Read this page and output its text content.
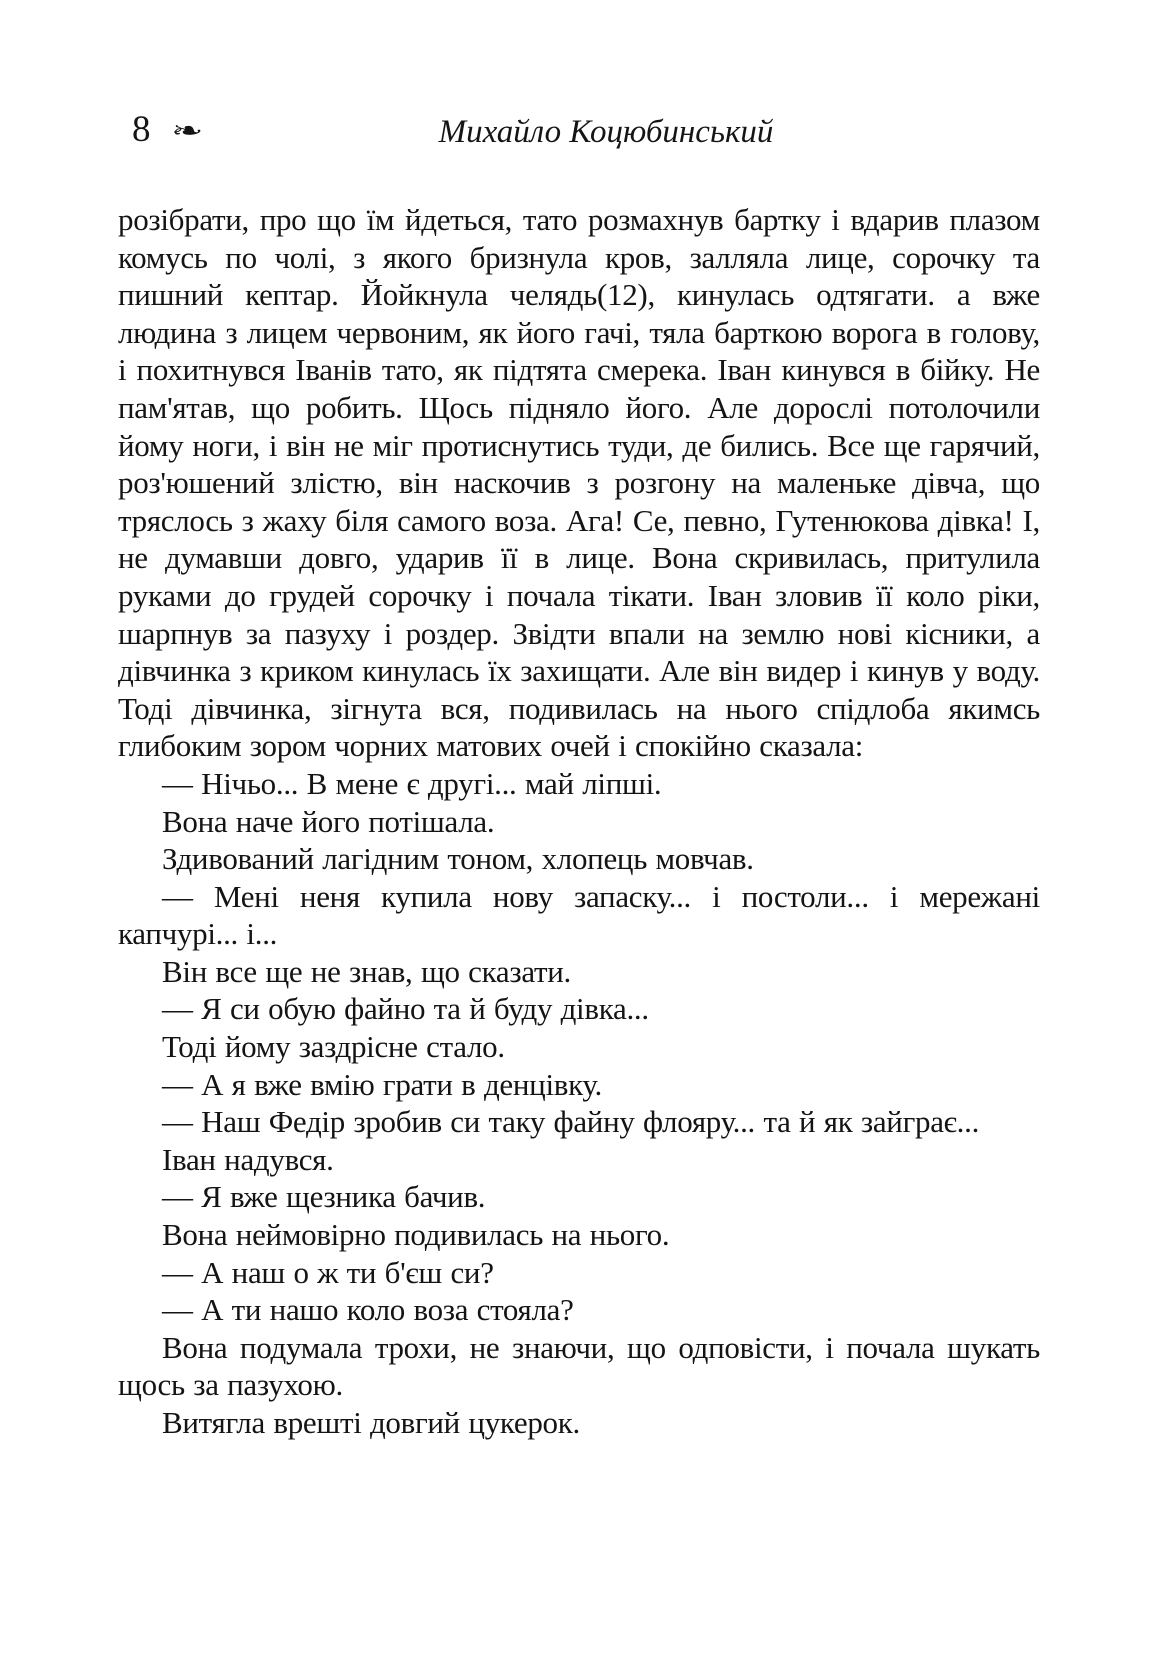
8 ❧	Михайло Коцюбинський

розібрати, про що їм йдеться, тато розмахнув бартку і вдарив плазом комусь по чолі, з якого бризнула кров, залляла лице, сорочку та пишний кептар. Йойкнула челядь(12), кинулась одтягати. а вже людина з лицем червоним, як його гачі, тяла барткою ворога в голову, і похитнувся Іванів тато, як підтята смерека. Іван кинувся в бійку. Не пам'ятав, що робить. Щось підняло його. Але дорослі потолочили йому ноги, і він не міг протиснутись туди, де бились. Все ще гарячий, роз'юшений злістю, він наскочив з розгону на маленьке дівча, що тряслось з жаху біля самого воза. Ага! Се, певно, Гутенюкова дівка! І, не думавши довго, ударив її в лице. Вона скривилась, притулила руками до грудей сорочку і почала тікати. Іван зловив її коло ріки, шарпнув за пазуху і роздер. Звідти впали на землю нові кісники, а дівчинка з криком кинулась їх захищати. Але він видер і кинув у воду. Тоді дівчинка, зігнута вся, подивилась на нього спідлоба якимсь глибоким зором чорних матових очей і спокійно сказала:

— Нічьо... В мене є другі... май ліпші.

Вона наче його потішала.

Здивований лагідним тоном, хлопець мовчав.

— Мені неня купила нову запаску... і постоли... і мережані капчурі... і...

Він все ще не знав, що сказати.

— Я си обую файно та й буду дівка...

Тоді йому заздрісне стало.

— А я вже вмію грати в денцівку.

— Наш Федір зробив си таку файну флояру... та й як зайграє...

Іван надувся.

— Я вже щезника бачив.

Вона неймовірно подивилась на нього.

— А наш о ж ти б'єш си?

— А ти нашо коло воза стояла?

Вона подумала трохи, не знаючи, що одповісти, і почала шукать щось за пазухою.

Витягла врешті довгий цукерок.
